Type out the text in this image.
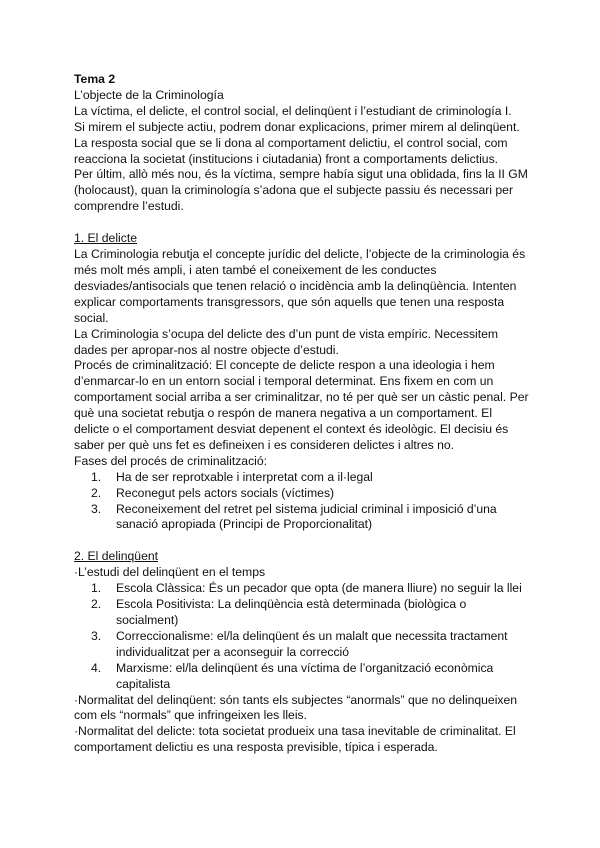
Tema 2

L’objecte de la Criminología

La víctima, el delicte, el control social, el delinqüent i l’estudiant de criminología I.

Si mirem el subjecte actiu, podrem donar explicacions, primer mirem al delinqüent.

La resposta social que se li dona al comportament delictiu, el control social, com reacciona la societat (institucions i ciutadania) front a comportaments delictius.

Per últim, allò més nou, és la víctima, sempre había sigut una oblidada, fins la II GM (holocaust), quan la criminología s’adona que el subjecte passiu és necessari per comprendre l’estudi.

1. El delicte

La Criminologia rebutja el concepte jurídic del delicte, l’objecte de la criminologia és més molt més ampli, i aten també el coneixement de les conductes desviades/antisocials que tenen relació o incidència amb la delinqüència. Intenten explicar comportaments transgressors, que són aquells que tenen una resposta social.

La Criminologia s’ocupa del delicte des d’un punt de vista empíric. Necessitem dades per apropar-nos al nostre objecte d’estudi.

Procés de criminalització: El concepte de delicte respon a una ideologia i hem d’enmarcar-lo en un entorn social i temporal determinat. Ens fixem en com un comportament social arriba a ser criminalitzar, no té per què ser un càstic penal. Per què una societat rebutja o respón de manera negativa a un comportament. El delicte o el comportament desviat depenent el context és ideològic. El decisiu és saber per què uns fet es defineixen i es consideren delictes i altres no.

Fases del procés de criminalització:

1. Ha de ser reprotxable i interpretat com a il·legal
2. Reconegut pels actors socials (víctimes)
3. Reconeixement del retret pel sistema judicial criminal i imposició d’una sanació apropiada (Principi de Proporcionalitat)

2. El delinqüent

·L’estudi del delinqüent en el temps

1. Escola Clàssica: És un pecador que opta (de manera lliure) no seguir la llei
2. Escola Positivista: La delinqüència està determinada (biològica o socialment)
3. Correccionalisme: el/la delinqüent és un malalt que necessita tractament individualitzat per a aconseguir la correcció
4. Marxisme: el/la delinqüent és una víctima de l’organització econòmica capitalista

·Normalitat del delinqüent: són tants els subjectes “anormals” que no delinqueixen com els “normals” que infringeixen les lleis.

·Normalitat del delicte: tota societat produeix una tasa inevitable de criminalitat. El comportament delictiu es una resposta previsible, típica i esperada.
